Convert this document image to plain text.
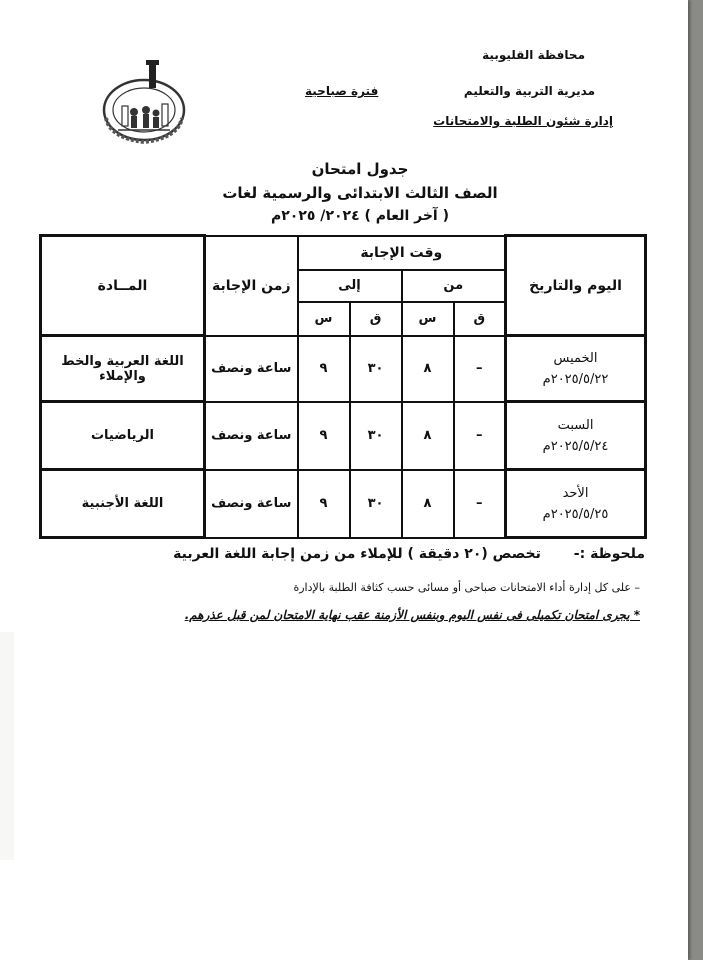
محافظة القليوبية
مديرية التربية والتعليم
إدارة شئون الطلبة والامتحانات
فترة صباحية
جدول امتحان
الصف الثالث الابتدائى والرسمية لغات
( آخر العام ) ٢٠٢٤/ ٢٠٢٥م
اليوم والتاريخ	وقت الإجابة				زمن الإجابة	المــادة
	من		إلى			
	ق	س	ق	س		

الخميس
٢٠٢٥/٥/٢٢م	–	٨	٣٠	٩	ساعة ونصف	اللغة العربية والخط والإملاء

السبت
٢٠٢٥/٥/٢٤م	–	٨	٣٠	٩	ساعة ونصف	الرياضيات

الأحد
٢٠٢٥/٥/٢٥م	–	٨	٣٠	٩	ساعة ونصف	اللغة الأجنبية
ملحوظة :- تخصص (٢٠ دقيقة ) للإملاء من زمن إجابة اللغة العربية
– على كل إدارة أداء الامتحانات صباحى أو مسائى حسب كثافة الطلبة بالإدارة
* يجرى امتحان تكميلى فى نفس اليوم وبنفس الأزمنة عقب نهاية الامتحان لمن قبل عذرهم.
